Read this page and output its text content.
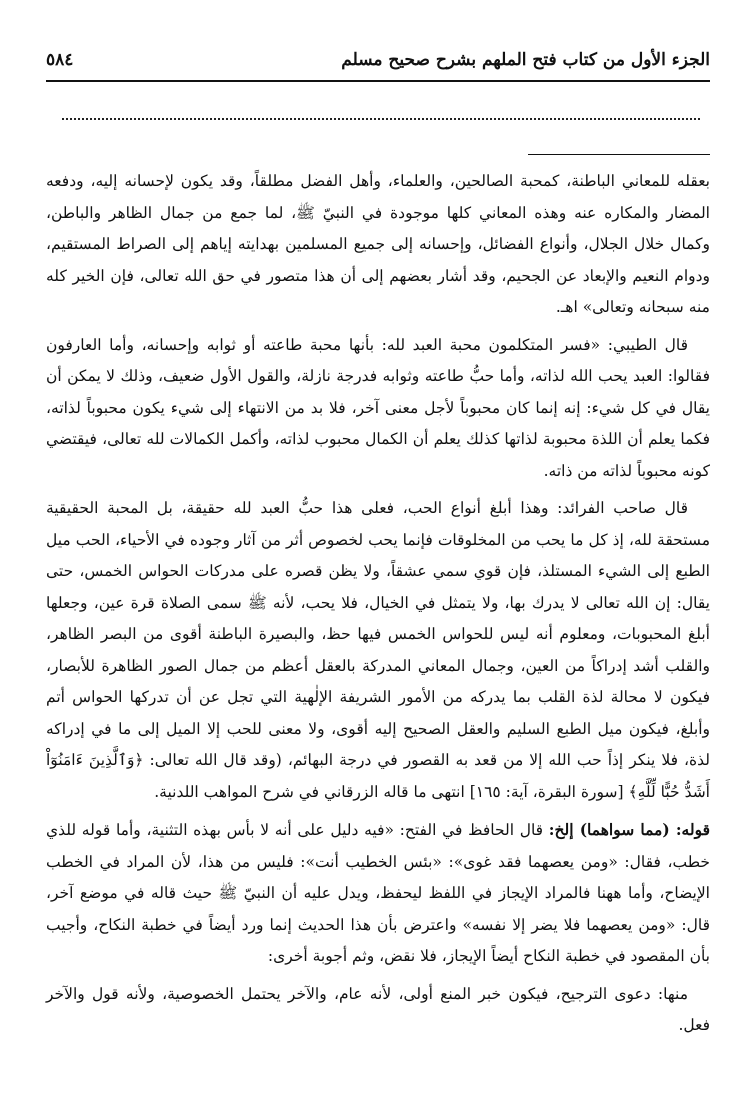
الجزء الأول من كتاب فتح الملهم بشرح صحيح مسلم
٥٨٤

بعقله للمعاني الباطنة، كمحبة الصالحين، والعلماء، وأهل الفضل مطلقاً، وقد يكون لإحسانه إليه، ودفعه المضار والمكاره عنه وهذه المعاني كلها موجودة في النبيّ ﷺ، لما جمع من جمال الظاهر والباطن، وكمال خلال الجلال، وأنواع الفضائل، وإحسانه إلى جميع المسلمين بهدايته إياهم إلى الصراط المستقيم، ودوام النعيم والإبعاد عن الجحيم، وقد أشار بعضهم إلى أن هذا متصور في حق الله تعالى، فإن الخير كله منه سبحانه وتعالى» اهـ.

قال الطيبي: «فسر المتكلمون محبة العبد لله: بأنها محبة طاعته أو ثوابه وإحسانه، وأما العارفون فقالوا: العبد يحب الله لذاته، وأما حبُّ طاعته وثوابه فدرجة نازلة، والقول الأول ضعيف، وذلك لا يمكن أن يقال في كل شيء: إنه إنما كان محبوباً لأجل معنى آخر، فلا بد من الانتهاء إلى شيء يكون محبوباً لذاته، فكما يعلم أن اللذة محبوبة لذاتها كذلك يعلم أن الكمال محبوب لذاته، وأكمل الكمالات لله تعالى، فيقتضي كونه محبوباً لذاته من ذاته.

قال صاحب الفرائد: وهذا أبلغ أنواع الحب، فعلى هذا حبُّ العبد لله حقيقة، بل المحبة الحقيقية مستحقة لله، إذ كل ما يحب من المخلوقات فإنما يحب لخصوص أثر من آثار وجوده في الأحياء، الحب ميل الطبع إلى الشيء المستلذ، فإن قوي سمي عشقاً، ولا يظن قصره على مدركات الحواس الخمس، حتى يقال: إن الله تعالى لا يدرك بها، ولا يتمثل في الخيال، فلا يحب، لأنه ﷺ سمى الصلاة قرة عين، وجعلها أبلغ المحبوبات، ومعلوم أنه ليس للحواس الخمس فيها حظ، والبصيرة الباطنة أقوى من البصر الظاهر، والقلب أشد إدراكاً من العين، وجمال المعاني المدركة بالعقل أعظم من جمال الصور الظاهرة للأبصار، فيكون لا محالة لذة القلب بما يدركه من الأمور الشريفة الإلٰهية التي تجل عن أن تدركها الحواس أتم وأبلغ، فيكون ميل الطبع السليم والعقل الصحيح إليه أقوى، ولا معنى للحب إلا الميل إلى ما في إدراكه لذة، فلا ينكر إذاً حب الله إلا من قعد به القصور في درجة البهائم، (وقد قال الله تعالى: ﴿وَٱلَّذِينَ ءَامَنُوٓاْ أَشَدُّ حُبًّا لِّلَّهِ﴾ [سورة البقرة، آية: ١٦٥] انتهى ما قاله الزرقاني في شرح المواهب اللدنية.

قوله: (مما سواهما) إلخ: قال الحافظ في الفتح: «فيه دليل على أنه لا بأس بهذه التثنية، وأما قوله للذي خطب، فقال: «ومن يعصهما فقد غوى»: «بئس الخطيب أنت»: فليس من هذا، لأن المراد في الخطب الإيضاح، وأما ههنا فالمراد الإيجاز في اللفظ ليحفظ، ويدل عليه أن النبيّ ﷺ حيث قاله في موضع آخر، قال: «ومن يعصهما فلا يضر إلا نفسه» واعترض بأن هذا الحديث إنما ورد أيضاً في خطبة النكاح، وأجيب بأن المقصود في خطبة النكاح أيضاً الإيجاز، فلا نقض، وثم أجوبة أخرى:

منها: دعوى الترجيح، فيكون خبر المنع أولى، لأنه عام، والآخر يحتمل الخصوصية، ولأنه قول والآخر فعل.
